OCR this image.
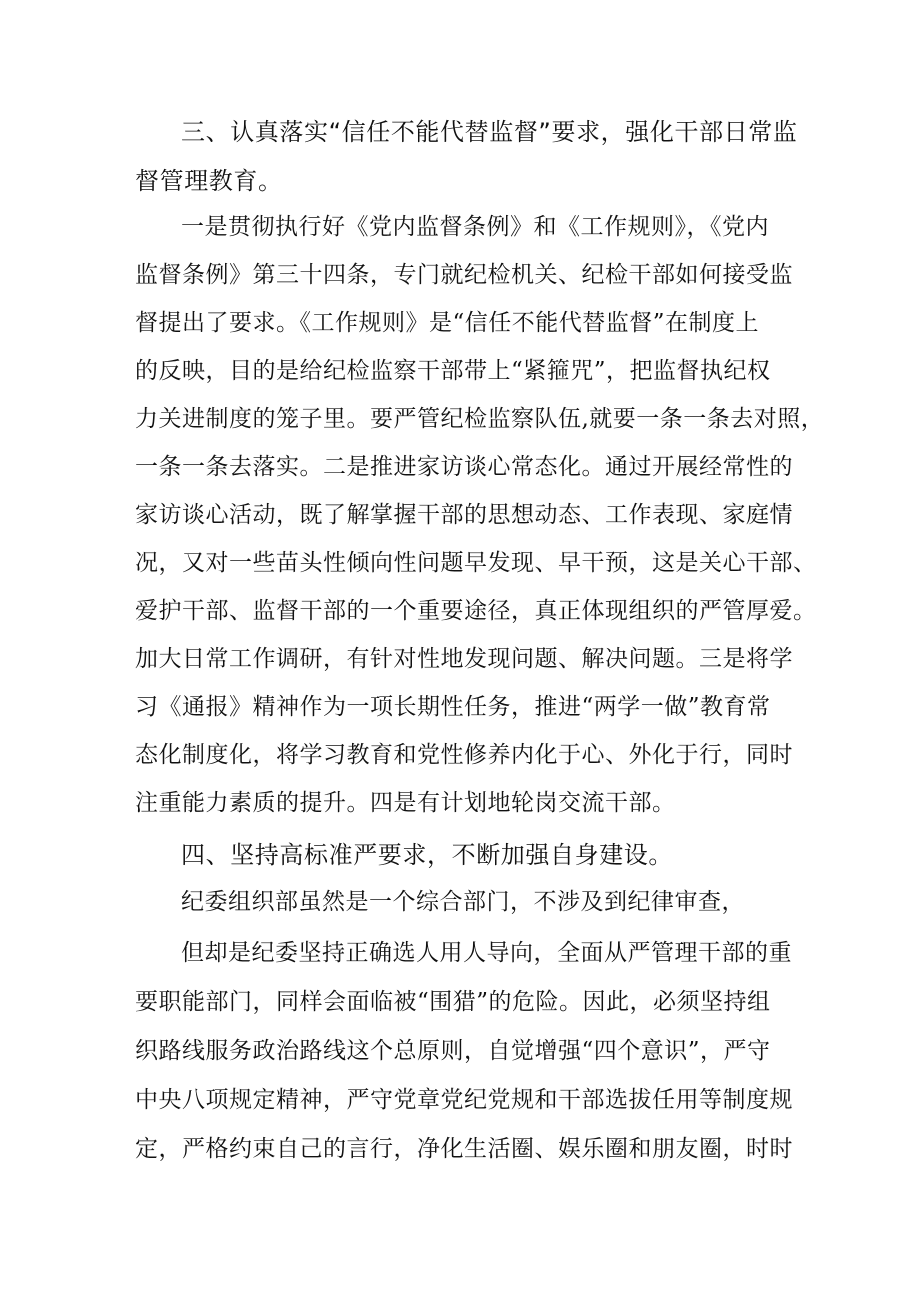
三、认真落实“信任不能代替监督”要求，强化干部日常监
督管理教育。
一是贯彻执行好《党内监督条例》和《工作规则》，《党内
监督条例》第三十四条，专门就纪检机关、纪检干部如何接受监
督提出了要求。《工作规则》是“信任不能代替监督”在制度上
的反映，目的是给纪检监察干部带上“紧箍咒”，把监督执纪权
力关进制度的笼子里。要严管纪检监察队伍,就要一条一条去对照，
一条一条去落实。二是推进家访谈心常态化。通过开展经常性的
家访谈心活动，既了解掌握干部的思想动态、工作表现、家庭情
况，又对一些苗头性倾向性问题早发现、早干预，这是关心干部、
爱护干部、监督干部的一个重要途径，真正体现组织的严管厚爱。
加大日常工作调研，有针对性地发现问题、解决问题。三是将学
习《通报》精神作为一项长期性任务，推进“两学一做”教育常
态化制度化，将学习教育和党性修养内化于心、外化于行，同时
注重能力素质的提升。四是有计划地轮岗交流干部。
四、坚持高标准严要求，不断加强自身建设。
纪委组织部虽然是一个综合部门，不涉及到纪律审查，
但却是纪委坚持正确选人用人导向，全面从严管理干部的重
要职能部门，同样会面临被“围猎”的危险。因此，必须坚持组
织路线服务政治路线这个总原则，自觉增强“四个意识”，严守
中央八项规定精神，严守党章党纪党规和干部选拔任用等制度规
定，严格约束自己的言行，净化生活圈、娱乐圈和朋友圈，时时
